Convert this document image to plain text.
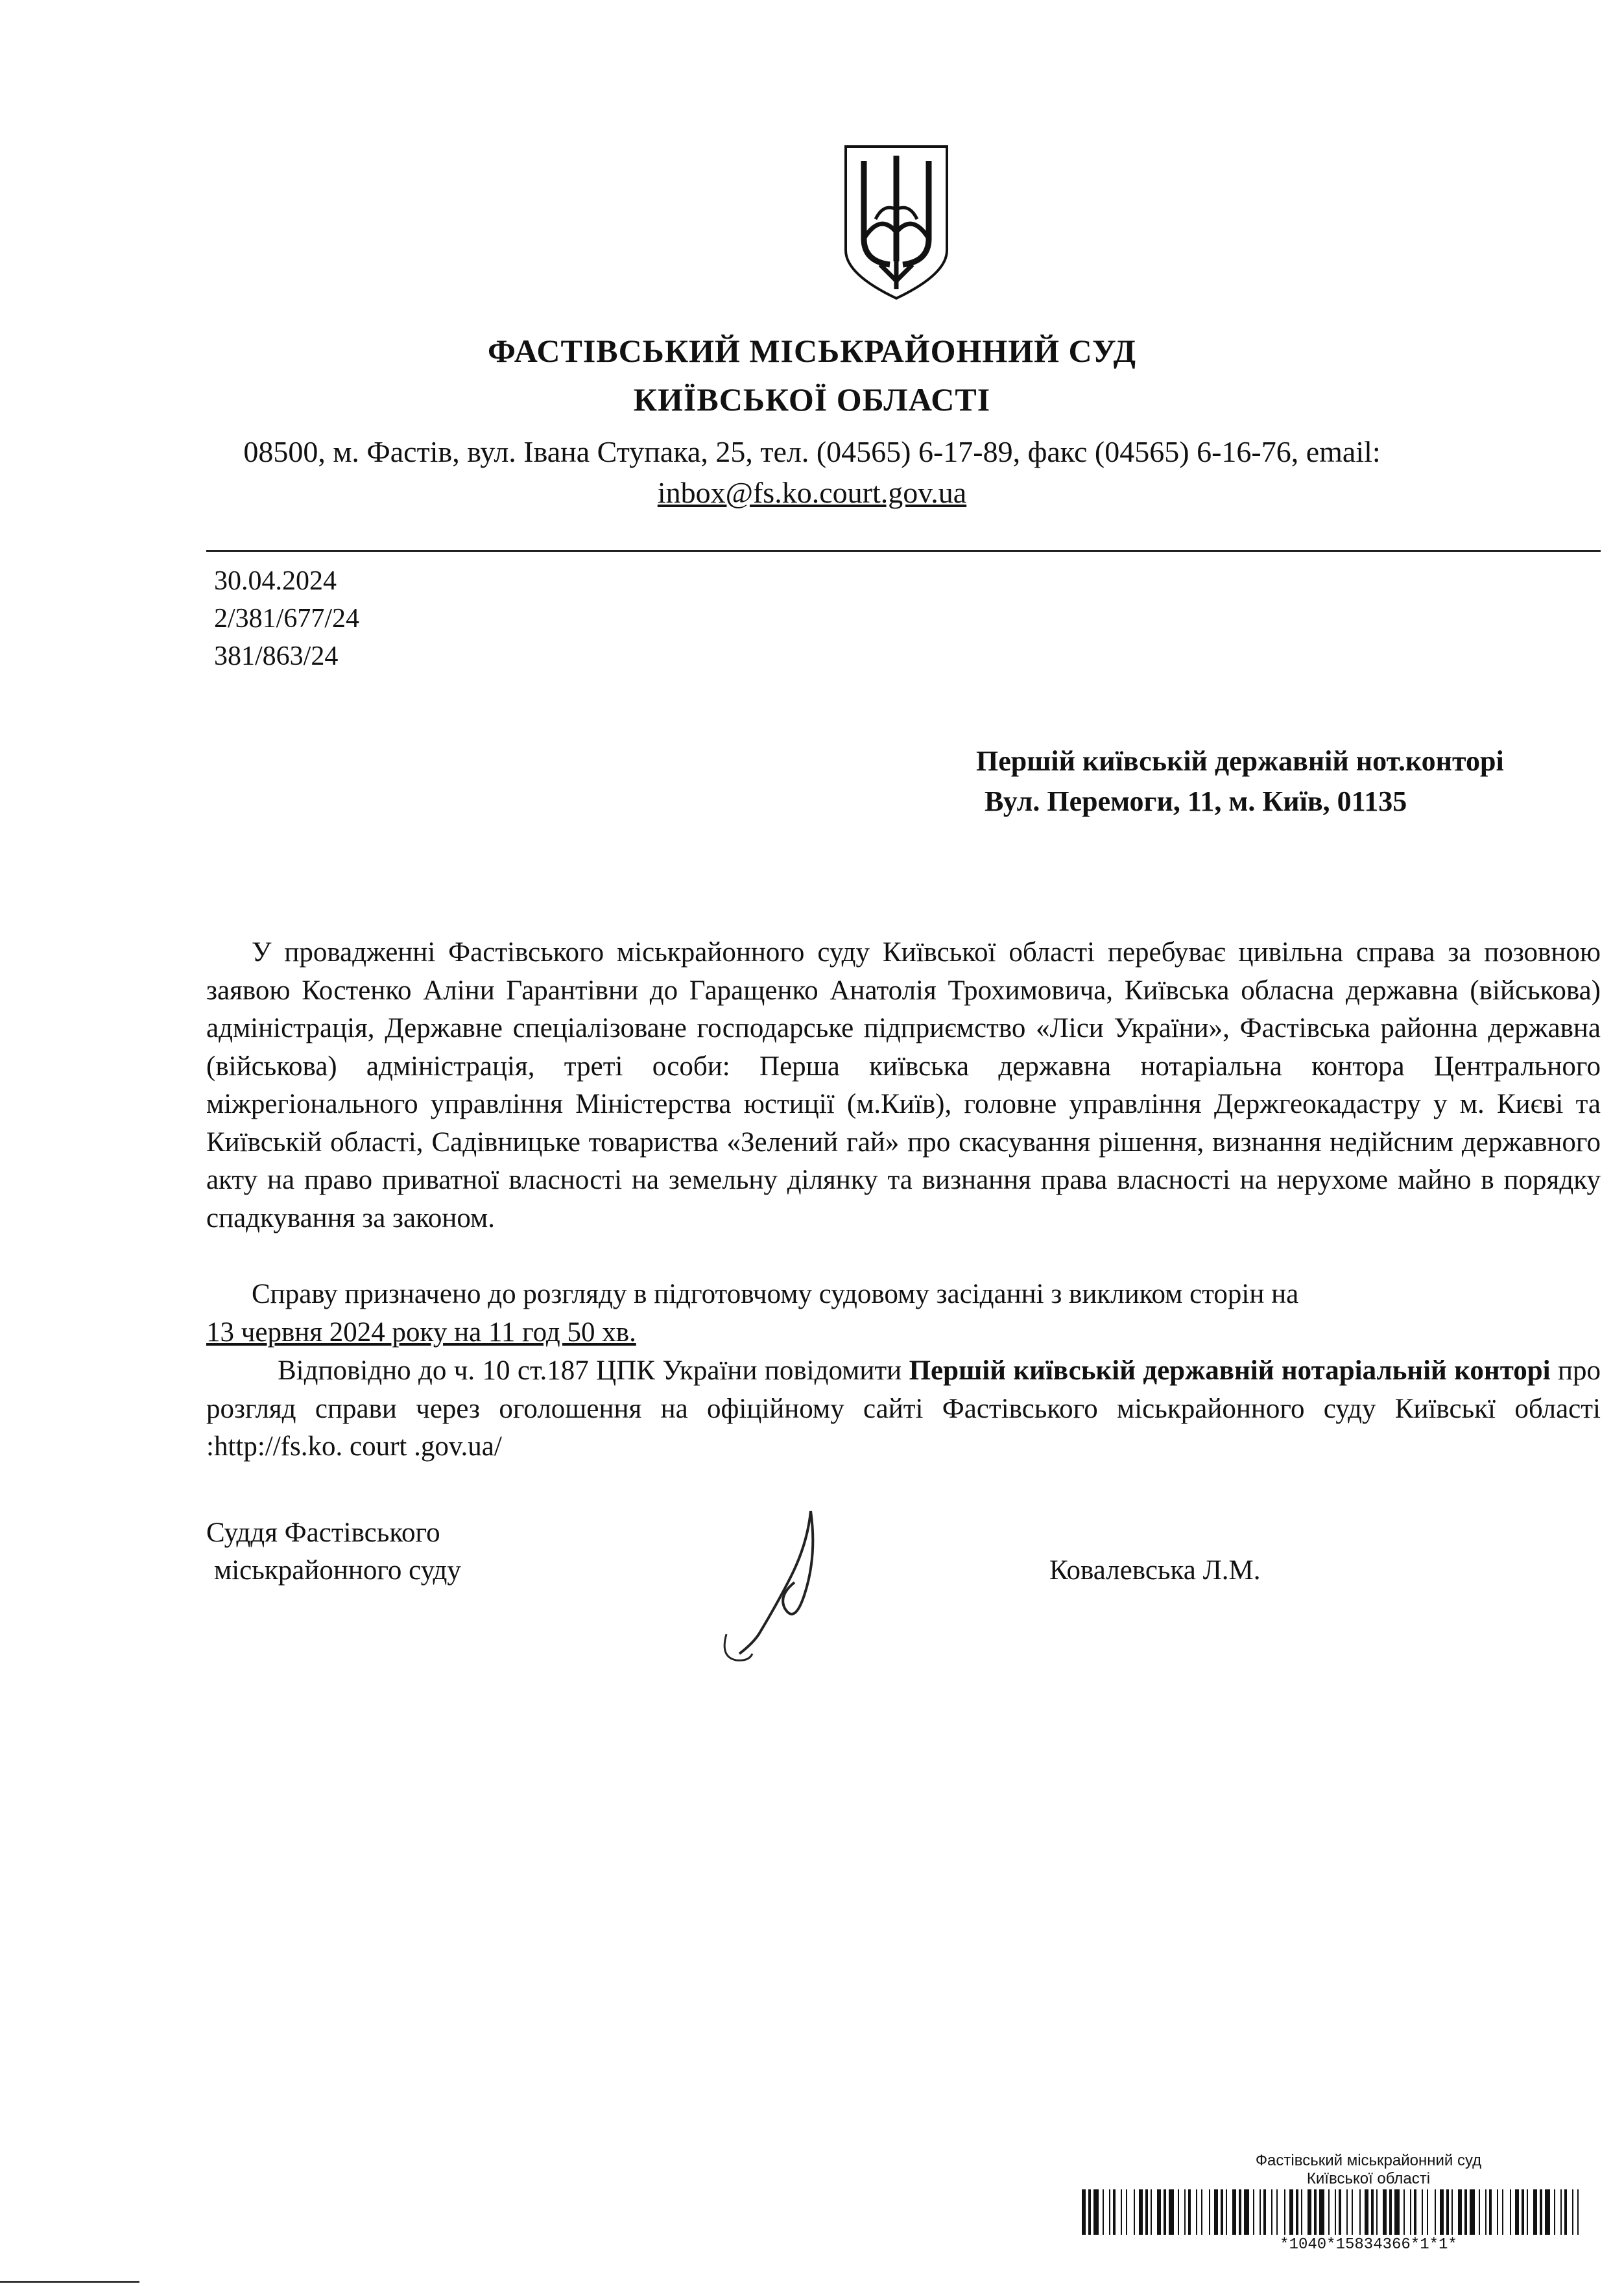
ФАСТІВСЬКИЙ МІСЬКРАЙОННИЙ СУД
КИЇВСЬКОЇ ОБЛАСТІ
08500, м. Фастів, вул. Івана Ступака, 25, тел. (04565) 6-17-89, факс (04565) 6-16-76, email:
inbox@fs.ko.court.gov.ua
30.04.2024
2/381/677/24
381/863/24
Першій київській державній нот.конторі
Вул. Перемоги, 11, м. Київ, 01135
У провадженні Фастівського міськрайонного суду Київської області перебуває цивільна справа за позовною заявою Костенко Аліни Гарантівни до Гаращенко Анатолія Трохимовича, Київська обласна державна (військова) адміністрація, Державне спеціалізоване господарське підприємство «Ліси України», Фастівська районна державна (військова) адміністрація, треті особи: Перша київська державна нотаріальна контора Центрального міжрегіонального управління Міністерства юстиції (м.Київ), головне управління Держгеокадастру у м. Києві та Київській області, Садівницьке товариства «Зелений гай» про скасування рішення, визнання недійсним державного акту на право приватної власності на земельну ділянку та визнання права власності на нерухоме майно в порядку спадкування за законом.
Справу призначено до розгляду в підготовчому судовому засіданні з викликом сторін на
13 червня 2024 року на 11 год 50 хв.
Відповідно до ч. 10 ст.187 ЦПК України повідомити Першій київській державній нотаріальній конторі про розгляд справи через оголошення на офіційному сайті Фастівського міськрайонного суду Київськї області :http://fs.ko. court .gov.ua/
Суддя Фастівського
міськрайонного суду	Ковалевська Л.М.
Фастівський міськрайонний суд
Київської області
*1040*15834366*1*1*
